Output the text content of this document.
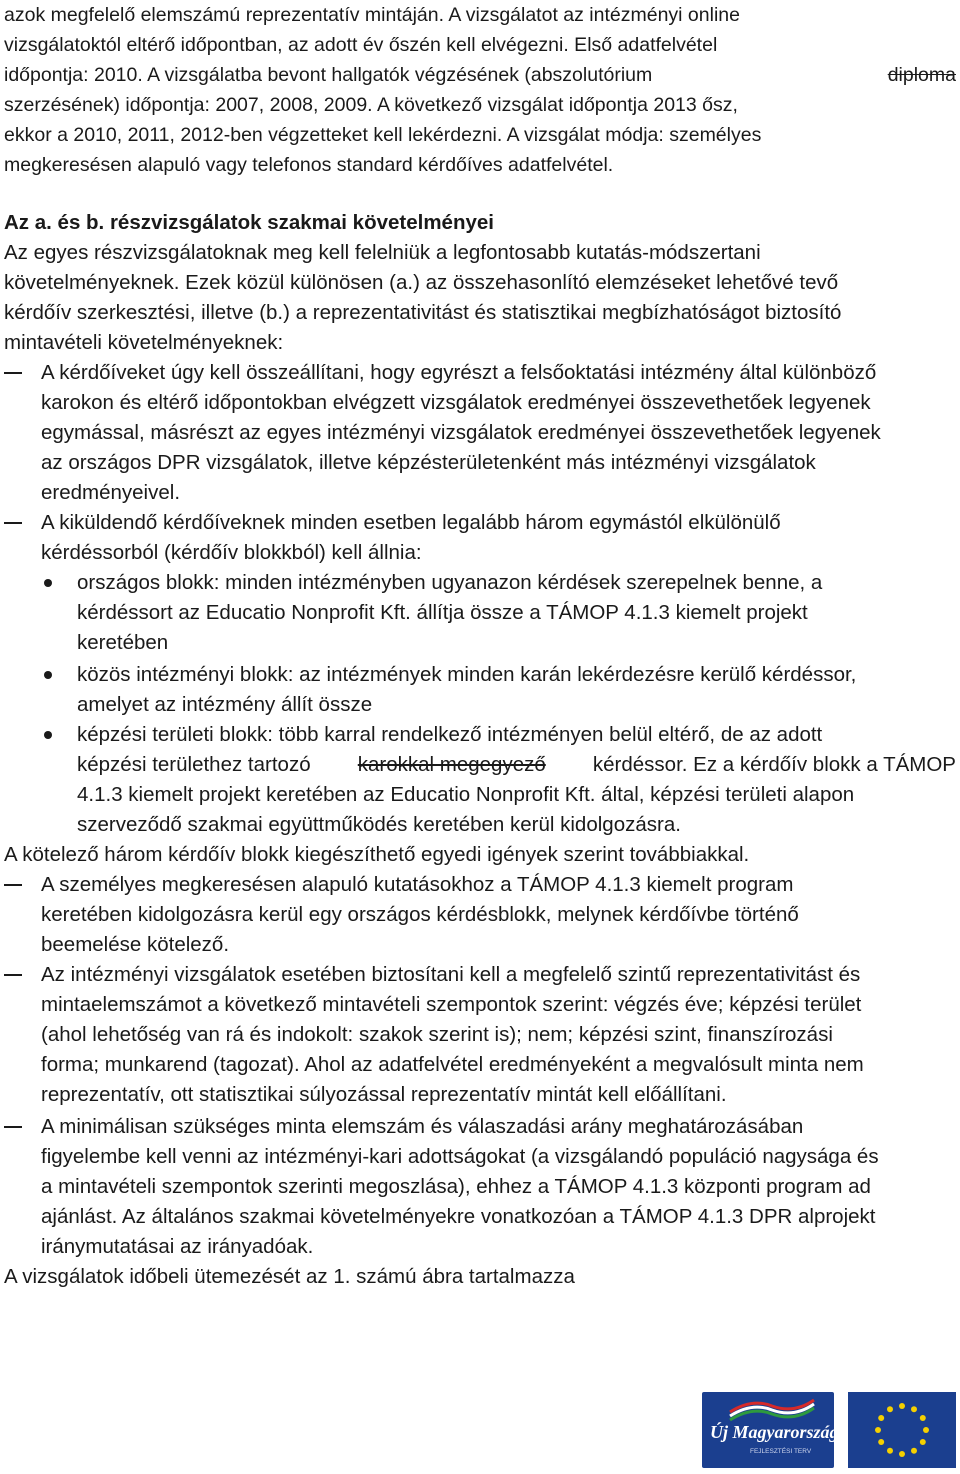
azok megfelelő elemszámú reprezentatív mintáján. A vizsgálatot az intézményi online
vizsgálatoktól eltérő időpontban, az adott év őszén kell elvégezni. Első adatfelvétel
időpontja: 2010. A vizsgálatba bevont hallgatók végzésének (abszolutórium	diploma
szerzésének) időpontja: 2007, 2008, 2009. A következő vizsgálat időpontja 2013 ősz,
ekkor a 2010, 2011, 2012-ben végzetteket kell lekérdezni. A vizsgálat módja: személyes
megkeresésen alapuló vagy telefonos standard kérdőíves adatfelvétel.
Az a. és b. részvizsgálatok szakmai követelményei
Az egyes részvizsgálatoknak meg kell felelniük a legfontosabb kutatás-módszertani
követelményeknek. Ezek közül különösen (a.) az összehasonlító elemzéseket lehetővé tevő
kérdőív szerkesztési, illetve (b.) a reprezentativitást és statisztikai megbízhatóságot biztosító
mintavételi követelményeknek:
A kérdőíveket úgy kell összeállítani, hogy egyrészt a felsőoktatási intézmény által különböző
karokon és eltérő időpontokban elvégzett vizsgálatok eredményei összevethetőek legyenek
egymással, másrészt az egyes intézményi vizsgálatok eredményei összevethetőek legyenek
az országos DPR vizsgálatok, illetve képzésterületenként más intézményi vizsgálatok
eredményeivel.
A kiküldendő kérdőíveknek minden esetben legalább három egymástól elkülönülő
kérdéssorból (kérdőív blokkból) kell állnia:
országos blokk: minden intézményben ugyanazon kérdések szerepelnek benne, a
kérdéssort az Educatio Nonprofit Kft. állítja össze a TÁMOP 4.1.3 kiemelt projekt
keretében
közös intézményi blokk: az intézmények minden karán lekérdezésre kerülő kérdéssor,
amelyet az intézmény állít össze
képzési területi blokk: több karral rendelkező intézményen belül eltérő, de az adott
képzési területhez tartozó karokkal megegyező kérdéssor. Ez a kérdőív blokk a TÁMOP
4.1.3 kiemelt projekt keretében az Educatio Nonprofit Kft. által, képzési területi alapon
szerveződő szakmai együttműködés keretében kerül kidolgozásra.
A kötelező három kérdőív blokk kiegészíthető egyedi igények szerint továbbiakkal.
A személyes megkeresésen alapuló kutatásokhoz a TÁMOP 4.1.3 kiemelt program
keretében kidolgozásra kerül egy országos kérdésblokk, melynek kérdőívbe történő
beemelése kötelező.
Az intézményi vizsgálatok esetében biztosítani kell a megfelelő szintű reprezentativitást és
mintaelemszámot a következő mintavételi szempontok szerint: végzés éve; képzési terület
(ahol lehetőség van rá és indokolt: szakok szerint is); nem; képzési szint, finanszírozási
forma; munkarend (tagozat). Ahol az adatfelvétel eredményeként a megvalósult minta nem
reprezentatív, ott statisztikai súlyozással reprezentatív mintát kell előállítani.
A minimálisan szükséges minta elemszám és válaszadási arány meghatározásában
figyelembe kell venni az intézményi-kari adottságokat (a vizsgálandó populáció nagysága és
a mintavételi szempontok szerinti megoszlása), ehhez a TÁMOP 4.1.3 központi program ad
ajánlást. Az általános szakmai követelményekre vonatkozóan a TÁMOP 4.1.3 DPR alprojekt
iránymutatásai az irányadóak.
A vizsgálatok időbeli ütemezését az 1. számú ábra tartalmazza
Új Magyarország
FEJLESZTÉSI TERV
